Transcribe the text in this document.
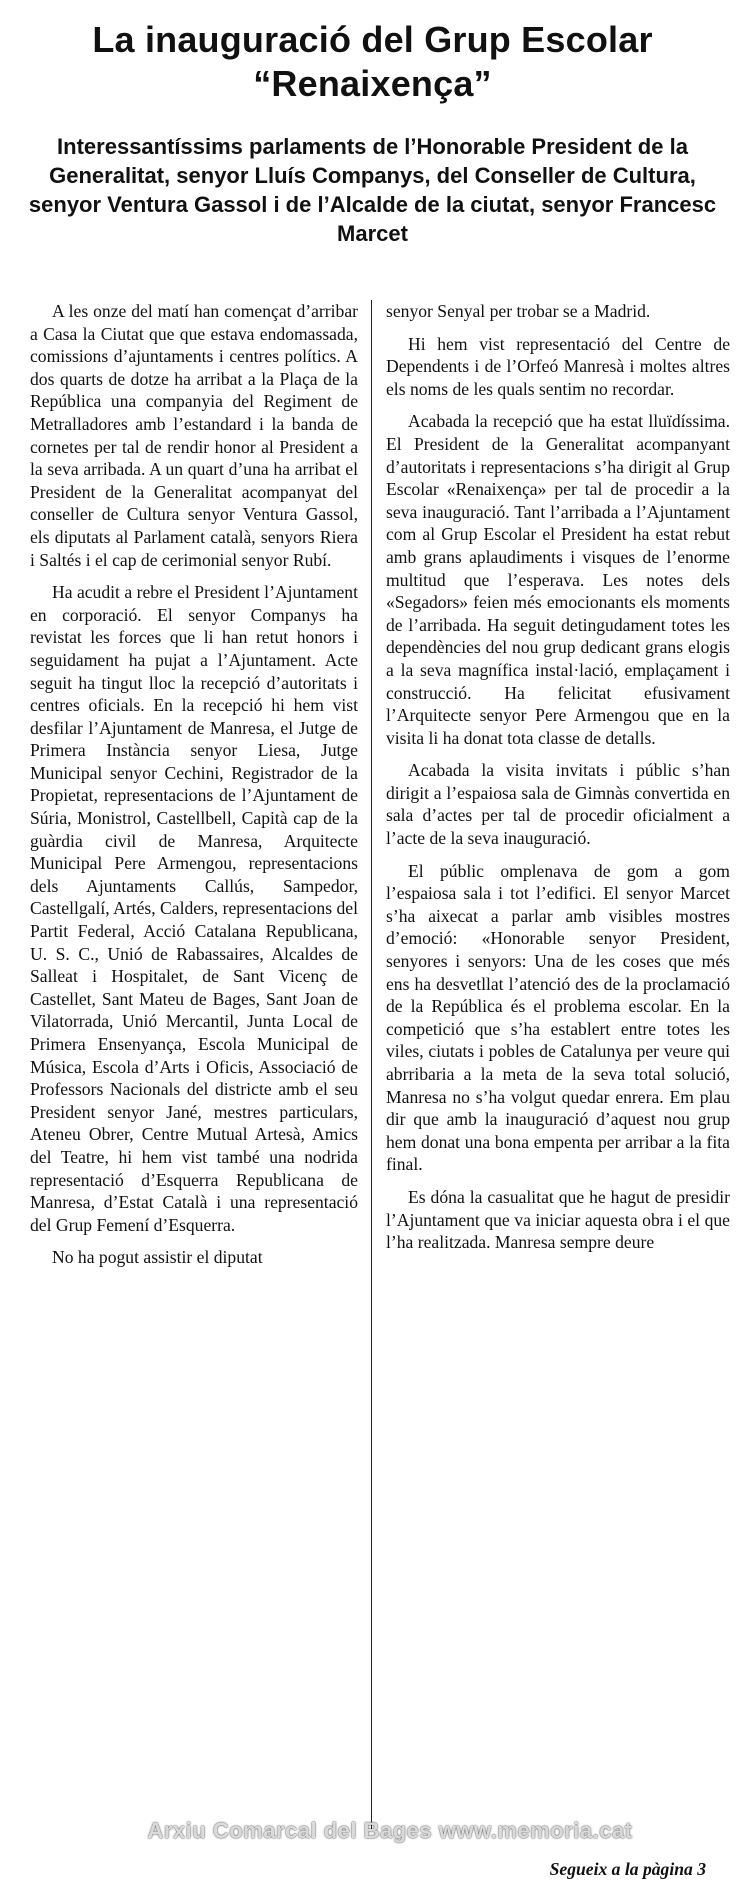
La inauguració del Grup Escolar
“Renaixença”
Interessantíssims parlaments de l’Honorable President de la Generalitat, senyor Lluís Companys, del Conseller de Cultura, senyor Ventura Gassol i de l’Alcalde de la ciutat, senyor Francesc Marcet

A les onze del matí han començat d’arribar a Casa la Ciutat que que estava endomassada, comissions d’ajuntaments i centres polítics. A dos quarts de dotze ha arribat a la Plaça de la República una companyia del Regiment de Metralladores amb l’estandard i la banda de cornetes per tal de rendir honor al President a la seva arribada. A un quart d’una ha arribat el President de la Generalitat acompanyat del conseller de Cultura senyor Ventura Gassol, els diputats al Parlament català, senyors Riera i Saltés i el cap de cerimonial senyor Rubí.

Ha acudit a rebre el President l’Ajuntament en corporació. El senyor Companys ha revistat les forces que li han retut honors i seguidament ha pujat a l’Ajuntament. Acte seguit ha tingut lloc la recepció d’autoritats i centres oficials. En la recepció hi hem vist desfilar l’Ajuntament de Manresa, el Jutge de Primera Instància senyor Liesa, Jutge Municipal senyor Cechini, Registrador de la Propietat, representacions de l’Ajuntament de Súria, Monistrol, Castellbell, Capità cap de la guàrdia civil de Manresa, Arquitecte Municipal Pere Armengou, representacions dels Ajuntaments Callús, Sampedor, Castellgalí, Artés, Calders, representacions del Partit Federal, Acció Catalana Republicana, U. S. C., Unió de Rabassaires, Alcaldes de Salleat i Hospitalet, de Sant Vicenç de Castellet, Sant Mateu de Bages, Sant Joan de Vilatorrada, Unió Mercantil, Junta Local de Primera Ensenyança, Escola Municipal de Música, Escola d’Arts i Oficis, Associació de Professors Nacionals del districte amb el seu President senyor Jané, mestres particulars, Ateneu Obrer, Centre Mutual Artesà, Amics del Teatre, hi hem vist també una nodrida representació d’Esquerra Republicana de Manresa, d’Estat Català i una representació del Grup Femení d’Esquerra.

No ha pogut assistir el diputat

senyor Senyal per trobar se a Madrid.

Hi hem vist representació del Centre de Dependents i de l’Orfeó Manresà i moltes altres els noms de les quals sentim no recordar.

Acabada la recepció que ha estat lluïdíssima. El President de la Generalitat acompanyant d’autoritats i representacions s’ha dirigit al Grup Escolar «Renaixença» per tal de procedir a la seva inauguració. Tant l’arribada a l’Ajuntament com al Grup Escolar el President ha estat rebut amb grans aplaudiments i visques de l’enorme multitud que l’esperava. Les notes dels «Segadors» feien més emocionants els moments de l’arribada. Ha seguit detingudament totes les dependències del nou grup dedicant grans elogis a la seva magnífica instal·lació, emplaçament i construcció. Ha felicitat efusivament l’Arquitecte senyor Pere Armengou que en la visita li ha donat tota classe de detalls.

Acabada la visita invitats i públic s’han dirigit a l’espaiosa sala de Gimnàs convertida en sala d’actes per tal de procedir oficialment a l’acte de la seva inauguració.

El públic omplenava de gom a gom l’espaiosa sala i tot l’edifici. El senyor Marcet s’ha aixecat a parlar amb visibles mostres d’emoció: «Honorable senyor President, senyores i senyors: Una de les coses que més ens ha desvetllat l’atenció des de la proclamació de la República és el problema escolar. En la competició que s’ha establert entre totes les viles, ciutats i pobles de Catalunya per veure qui abrribaria a la meta de la seva total solució, Manresa no s’ha volgut quedar enrera. Em plau dir que amb la inauguració d’aquest nou grup hem donat una bona empenta per arribar a la fita final.

Es dóna la casualitat que he hagut de presidir l’Ajuntament que va iniciar aquesta obra i el que l’ha realitzada. Manresa sempre deure

Segueix a la pàgina 3
Arxiu Comarcal del Bages www.memoria.cat
